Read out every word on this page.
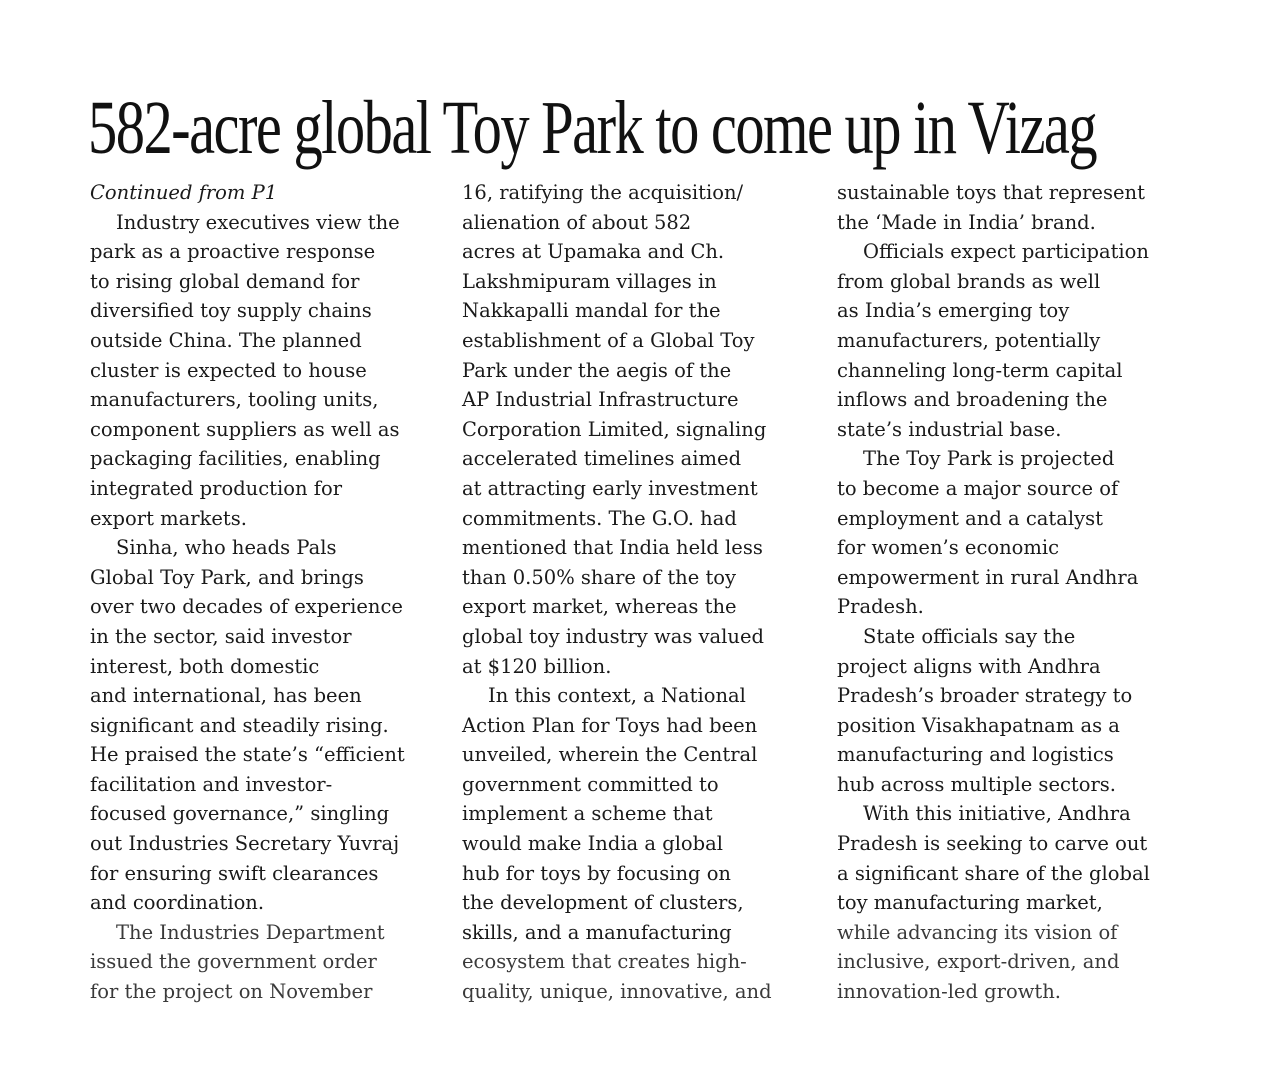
582-acre global Toy Park to come up in Vizag
Continued from P1
Industry executives view the
park as a proactive response
to rising global demand for
diversified toy supply chains
outside China. The planned
cluster is expected to house
manufacturers, tooling units,
component suppliers as well as
packaging facilities, enabling
integrated production for
export markets.
Sinha, who heads Pals
Global Toy Park, and brings
over two decades of experience
in the sector, said investor
interest, both domestic
and international, has been
significant and steadily rising.
He praised the state’s “efficient
facilitation and investor-
focused governance,” singling
out Industries Secretary Yuvraj
for ensuring swift clearances
and coordination.
The Industries Department
issued the government order
for the project on November
16, ratifying the acquisition/
alienation of about 582
acres at Upamaka and Ch.
Lakshmipuram villages in
Nakkapalli mandal for the
establishment of a Global Toy
Park under the aegis of the
AP Industrial Infrastructure
Corporation Limited, signaling
accelerated timelines aimed
at attracting early investment
commitments. The G.O. had
mentioned that India held less
than 0.50% share of the toy
export market, whereas the
global toy industry was valued
at $120 billion.
In this context, a National
Action Plan for Toys had been
unveiled, wherein the Central
government committed to
implement a scheme that
would make India a global
hub for toys by focusing on
the development of clusters,
skills, and a manufacturing
ecosystem that creates high-
quality, unique, innovative, and
sustainable toys that represent
the ‘Made in India’ brand.
Officials expect participation
from global brands as well
as India’s emerging toy
manufacturers, potentially
channeling long-term capital
inflows and broadening the
state’s industrial base.
The Toy Park is projected
to become a major source of
employment and a catalyst
for women’s economic
empowerment in rural Andhra
Pradesh.
State officials say the
project aligns with Andhra
Pradesh’s broader strategy to
position Visakhapatnam as a
manufacturing and logistics
hub across multiple sectors.
With this initiative, Andhra
Pradesh is seeking to carve out
a significant share of the global
toy manufacturing market,
while advancing its vision of
inclusive, export-driven, and
innovation-led growth.
